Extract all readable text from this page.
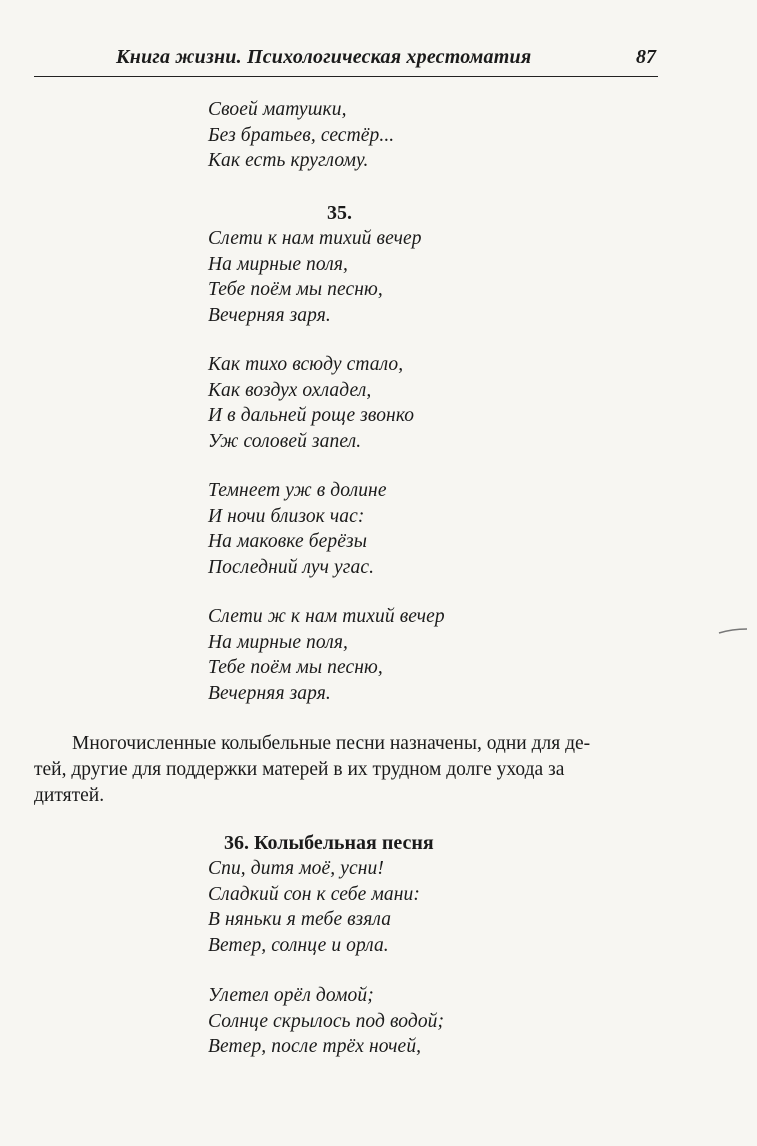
Книга жизни. Психологическая хрестоматия	87
Своей матушки,
Без братьев, сестёр...
Как есть круглому.
35.
Слети к нам тихий вечер
На мирные поля,
Тебе поём мы песню,
Вечерняя заря.
Как тихо всюду стало,
Как воздух охладел,
И в дальней роще звонко
Уж соловей запел.
Темнеет уж в долине
И ночи близок час:
На маковке берёзы
Последний луч угас.
Слети ж к нам тихий вечер
На мирные поля,
Тебе поём мы песню,
Вечерняя заря.
Многочисленные колыбельные песни назначены, одни для де-
тей, другие для поддержки матерей в их трудном долге ухода за
дитятей.
36. Колыбельная песня
Спи, дитя моё, усни!
Сладкий сон к себе мани:
В няньки я тебе взяла
Ветер, солнце и орла.
Улетел орёл домой;
Солнце скрылось под водой;
Ветер, после трёх ночей,
